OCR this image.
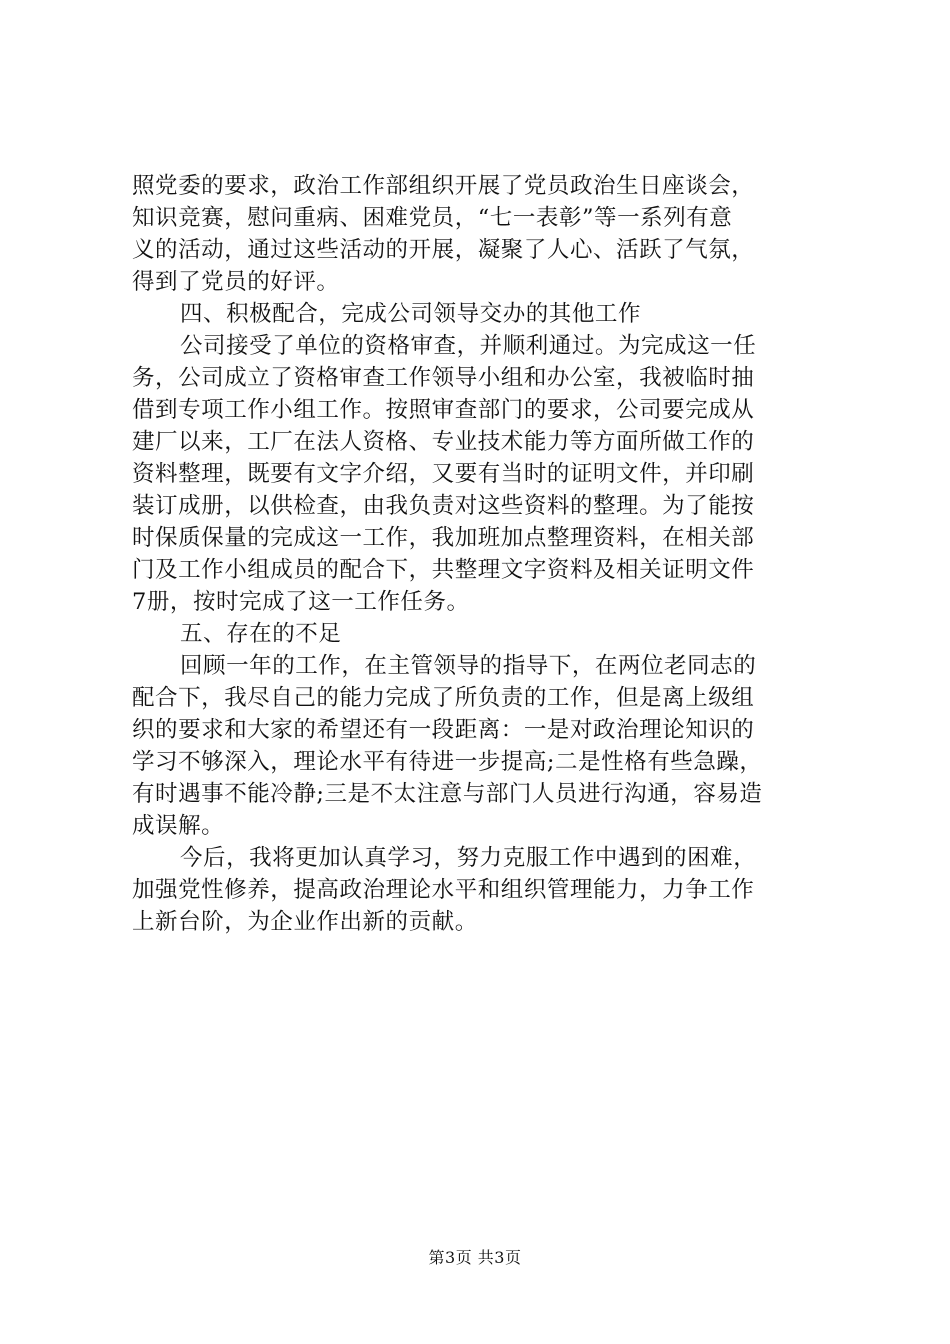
照党委的要求，政治工作部组织开展了党员政治生日座谈会，
知识竞赛，慰问重病、困难党员，“七一表彰”等一系列有意
义的活动，通过这些活动的开展，凝聚了人心、活跃了气氛，
得到了党员的好评。
四、积极配合，完成公司领导交办的其他工作
公司接受了单位的资格审查，并顺利通过。为完成这一任
务，公司成立了资格审查工作领导小组和办公室，我被临时抽
借到专项工作小组工作。按照审查部门的要求，公司要完成从
建厂以来，工厂在法人资格、专业技术能力等方面所做工作的
资料整理，既要有文字介绍，又要有当时的证明文件，并印刷
装订成册，以供检查，由我负责对这些资料的整理。为了能按
时保质保量的完成这一工作，我加班加点整理资料，在相关部
门及工作小组成员的配合下，共整理文字资料及相关证明文件
7册，按时完成了这一工作任务。
五、存在的不足
回顾一年的工作，在主管领导的指导下，在两位老同志的
配合下，我尽自己的能力完成了所负责的工作，但是离上级组
织的要求和大家的希望还有一段距离：一是对政治理论知识的
学习不够深入，理论水平有待进一步提高;二是性格有些急躁，
有时遇事不能冷静;三是不太注意与部门人员进行沟通，容易造
成误解。
今后，我将更加认真学习，努力克服工作中遇到的困难，
加强党性修养，提高政治理论水平和组织管理能力，力争工作
上新台阶，为企业作出新的贡献。
第3页 共3页
